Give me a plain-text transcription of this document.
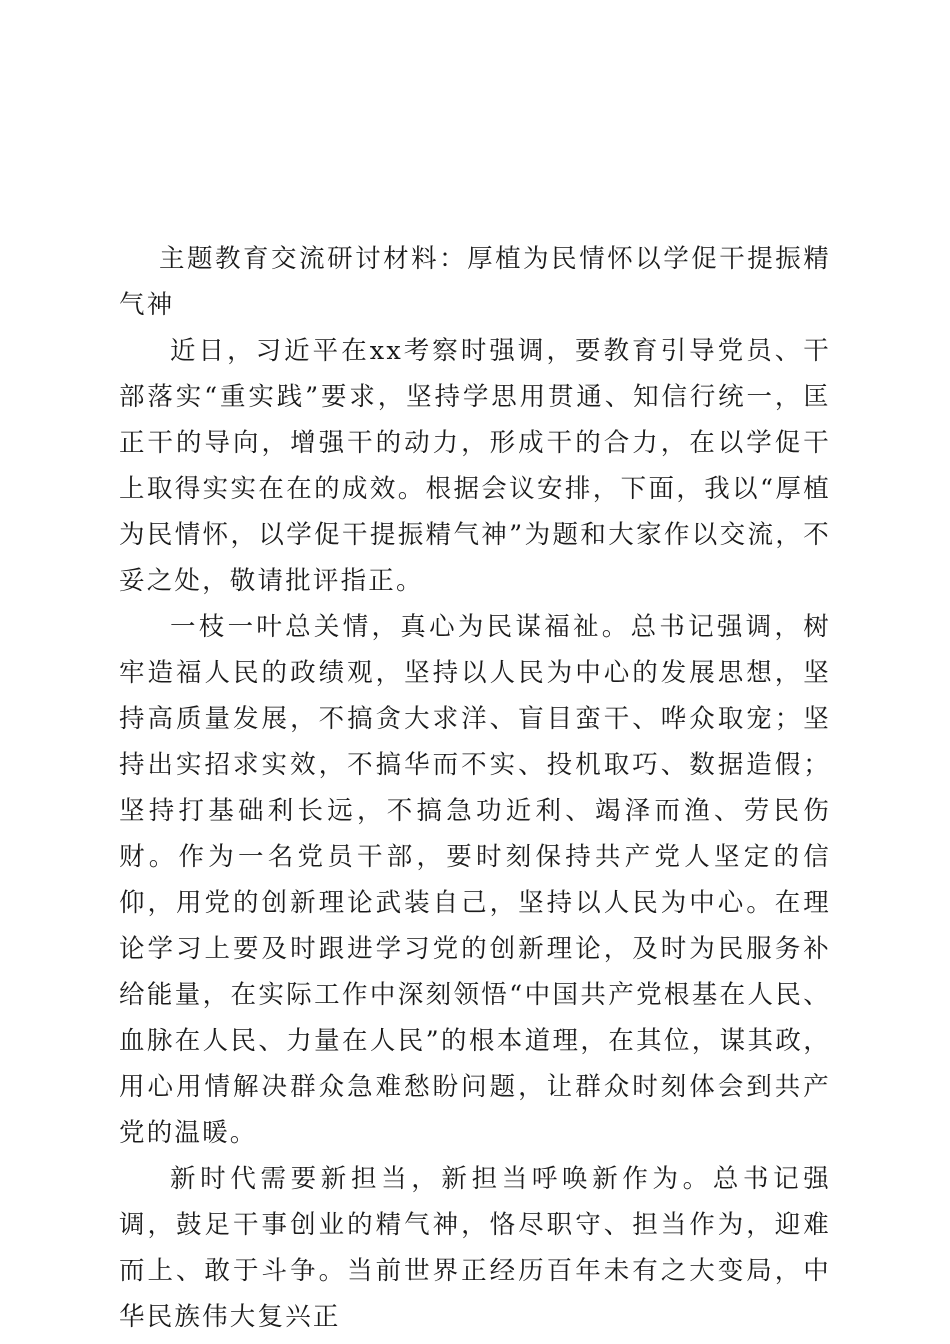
主题教育交流研讨材料：厚植为民情怀以学促干提振精气神

近日，习近平在xx考察时强调，要教育引导党员、干部落实“重实践”要求，坚持学思用贯通、知信行统一，匡正干的导向，增强干的动力，形成干的合力，在以学促干上取得实实在在的成效。根据会议安排，下面，我以“厚植为民情怀，以学促干提振精气神”为题和大家作以交流，不妥之处，敬请批评指正。

一枝一叶总关情，真心为民谋福祉。总书记强调，树牢造福人民的政绩观，坚持以人民为中心的发展思想，坚持高质量发展，不搞贪大求洋、盲目蛮干、哗众取宠；坚持出实招求实效，不搞华而不实、投机取巧、数据造假；坚持打基础利长远，不搞急功近利、竭泽而渔、劳民伤财。作为一名党员干部，要时刻保持共产党人坚定的信仰，用党的创新理论武装自己，坚持以人民为中心。在理论学习上要及时跟进学习党的创新理论，及时为民服务补给能量，在实际工作中深刻领悟“中国共产党根基在人民、血脉在人民、力量在人民”的根本道理，在其位，谋其政，用心用情解决群众急难愁盼问题，让群众时刻体会到共产党的温暖。

新时代需要新担当，新担当呼唤新作为。总书记强调，鼓足干事创业的精气神，恪尽职守、担当作为，迎难而上、敢于斗争。当前世界正经历百年未有之大变局，中华民族伟大复兴正
